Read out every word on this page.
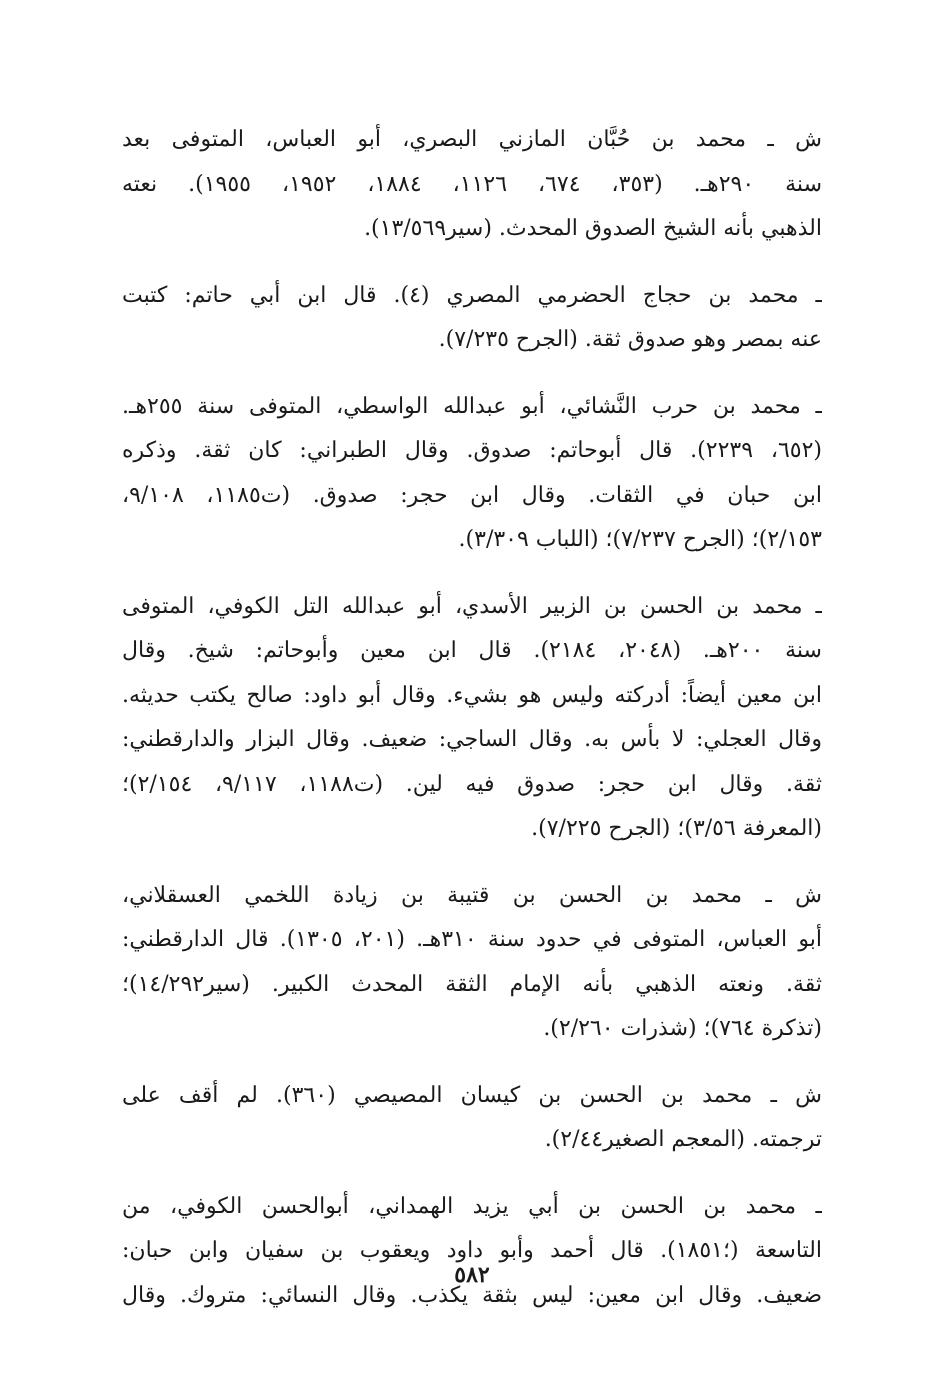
ش ـ محمد بن حُبَّان المازني البصري، أبو العباس، المتوفى بعد
سنة ٢٩٠هـ. (٣٥٣، ٦٧٤، ١١٢٦، ١٨٨٤، ١٩٥٢، ١٩٥٥). نعته
الذهبي بأنه الشيخ الصدوق المحدث. (سير١٣/٥٦٩).
ـ محمد بن حجاج الحضرمي المصري (٤). قال ابن أبي حاتم: كتبت
عنه بمصر وهو صدوق ثقة. (الجرح ٧/٢٣٥).
ـ محمد بن حرب النَّشائي، أبو عبدالله الواسطي، المتوفى سنة ٢٥٥هـ.
(٦٥٢، ٢٢٣٩). قال أبوحاتم: صدوق. وقال الطبراني: كان ثقة. وذكره
ابن حبان في الثقات. وقال ابن حجر: صدوق. (ت١١٨٥، ٩/١٠٨،
٢/١٥٣)؛ (الجرح ٧/٢٣٧)؛ (اللباب ٣/٣٠٩).
ـ محمد بن الحسن بن الزبير الأسدي، أبو عبدالله التل الكوفي، المتوفى
سنة ٢٠٠هـ. (٢٠٤٨، ٢١٨٤). قال ابن معين وأبوحاتم: شيخ. وقال
ابن معين أيضاً: أدركته وليس هو بشيء. وقال أبو داود: صالح يكتب حديثه.
وقال العجلي: لا بأس به. وقال الساجي: ضعيف. وقال البزار والدارقطني:
ثقة. وقال ابن حجر: صدوق فيه لين. (ت١١٨٨، ٩/١١٧، ٢/١٥٤)؛
(المعرفة ٣/٥٦)؛ (الجرح ٧/٢٢٥).
ش ـ محمد بن الحسن بن قتيبة بن زيادة اللخمي العسقلاني،
أبو العباس، المتوفى في حدود سنة ٣١٠هـ. (٢٠١، ١٣٠٥). قال الدارقطني:
ثقة. ونعته الذهبي بأنه الإمام الثقة المحدث الكبير. (سير١٤/٢٩٢)؛
(تذكرة ٧٦٤)؛ (شذرات ٢/٢٦٠).
ش ـ محمد بن الحسن بن كيسان المصيصي (٣٦٠). لم أقف على
ترجمته. (المعجم الصغير٢/٤٤).
ـ محمد بن الحسن بن أبي يزيد الهمداني، أبوالحسن الكوفي، من
التاسعة (؛١٨٥١). قال أحمد وأبو داود ويعقوب بن سفيان وابن حبان:
ضعيف. وقال ابن معين: ليس بثقة يكذب. وقال النسائي: متروك. وقال
٥٨٢
